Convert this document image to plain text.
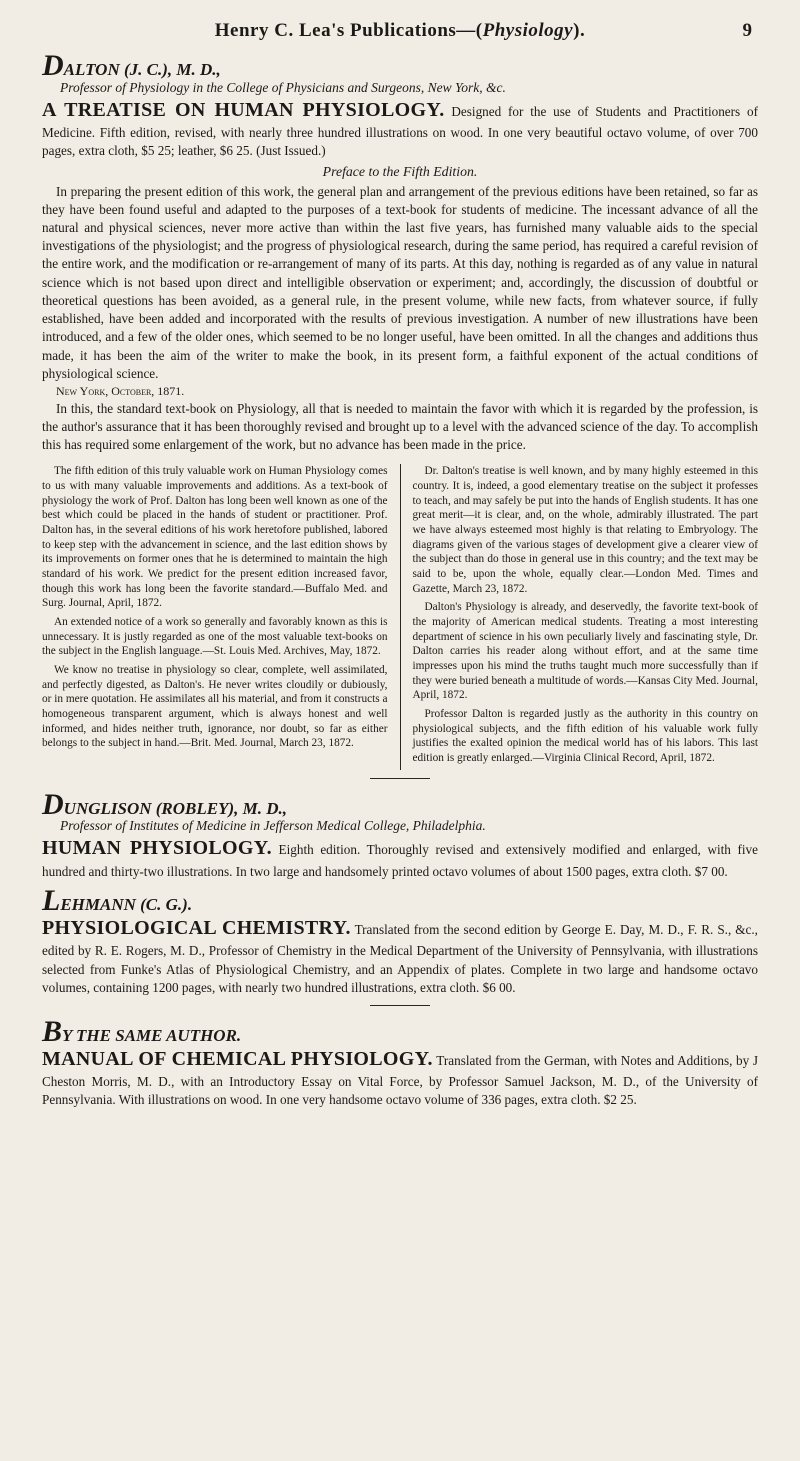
Henry C. Lea's Publications—(Physiology).	9
DALTON (J. C.), M. D.,
Professor of Physiology in the College of Physicians and Surgeons, New York, &c.
A TREATISE ON HUMAN PHYSIOLOGY. Designed for the use of Students and Practitioners of Medicine. Fifth edition, revised, with nearly three hundred illustrations on wood. In one very beautiful octavo volume, of over 700 pages, extra cloth, $5 25; leather, $6 25. (Just Issued.)
Preface to the Fifth Edition.

In preparing the present edition of this work, the general plan and arrangement of the previous editions have been retained, so far as they have been found useful and adapted to the purposes of a text-book for students of medicine. The incessant advance of all the natural and physical sciences, never more active than within the last five years, has furnished many valuable aids to the special investigations of the physiologist; and the progress of physiological research, during the same period, has required a careful revision of the entire work, and the modification or re-arrangement of many of its parts. At this day, nothing is regarded as of any value in natural science which is not based upon direct and intelligible observation or experiment; and, accordingly, the discussion of doubtful or theoretical questions has been avoided, as a general rule, in the present volume, while new facts, from whatever source, if fully established, have been added and incorporated with the results of previous investigation. A number of new illustrations have been introduced, and a few of the older ones, which seemed to be no longer useful, have been omitted. In all the changes and additions thus made, it has been the aim of the writer to make the book, in its present form, a faithful exponent of the actual conditions of physiological science.

New York, October, 1871.

In this, the standard text-book on Physiology, all that is needed to maintain the favor with which it is regarded by the profession, is the author's assurance that it has been thoroughly revised and brought up to a level with the advanced science of the day. To accomplish this has required some enlargement of the work, but no advance has been made in the price.

The fifth edition of this truly valuable work on Human Physiology comes to us with many valuable improvements and additions. As a text-book of physiology the work of Prof. Dalton has long been well known as one of the best which could be placed in the hands of student or practitioner. Prof. Dalton has, in the several editions of his work heretofore published, labored to keep step with the advancement in science, and the last edition shows by its improvements on former ones that he is determined to maintain the high standard of his work. We predict for the present edition increased favor, though this work has long been the favorite standard.—Buffalo Med. and Surg. Journal, April, 1872.

An extended notice of a work so generally and favorably known as this is unnecessary. It is justly regarded as one of the most valuable text-books on the subject in the English language.—St. Louis Med. Archives, May, 1872.

We know no treatise in physiology so clear, complete, well assimilated, and perfectly digested, as Dalton's. He never writes cloudily or dubiously, or in mere quotation. He assimilates all his material, and from it constructs a homogeneous transparent argument, which is always honest and well informed, and hides neither truth, ignorance, nor doubt, so far as either belongs to the subject in hand.—Brit. Med. Journal, March 23, 1872.

Dr. Dalton's treatise is well known, and by many highly esteemed in this country. It is, indeed, a good elementary treatise on the subject it professes to teach, and may safely be put into the hands of English students. It has one great merit—it is clear, and, on the whole, admirably illustrated. The part we have always esteemed most highly is that relating to Embryology. The diagrams given of the various stages of development give a clearer view of the subject than do those in general use in this country; and the text may be said to be, upon the whole, equally clear.—London Med. Times and Gazette, March 23, 1872.

Dalton's Physiology is already, and deservedly, the favorite text-book of the majority of American medical students. Treating a most interesting department of science in his own peculiarly lively and fascinating style, Dr. Dalton carries his reader along without effort, and at the same time impresses upon his mind the truths taught much more successfully than if they were buried beneath a multitude of words.—Kansas City Med. Journal, April, 1872.

Professor Dalton is regarded justly as the authority in this country on physiological subjects, and the fifth edition of his valuable work fully justifies the exalted opinion the medical world has of his labors. This last edition is greatly enlarged.—Virginia Clinical Record, April, 1872.

DUNGLISON (ROBLEY), M. D.,
Professor of Institutes of Medicine in Jefferson Medical College, Philadelphia.
HUMAN PHYSIOLOGY. Eighth edition. Thoroughly revised and extensively modified and enlarged, with five hundred and thirty-two illustrations. In two large and handsomely printed octavo volumes of about 1500 pages, extra cloth. $7 00.
LEHMANN (C. G.).
PHYSIOLOGICAL CHEMISTRY. Translated from the second edition by George E. Day, M. D., F. R. S., &c., edited by R. E. Rogers, M. D., Professor of Chemistry in the Medical Department of the University of Pennsylvania, with illustrations selected from Funke's Atlas of Physiological Chemistry, and an Appendix of plates. Complete in two large and handsome octavo volumes, containing 1200 pages, with nearly two hundred illustrations, extra cloth. $6 00.
BY THE SAME AUTHOR.
MANUAL OF CHEMICAL PHYSIOLOGY. Translated from the German, with Notes and Additions, by J Cheston Morris, M. D., with an Introductory Essay on Vital Force, by Professor Samuel Jackson, M. D., of the University of Pennsylvania. With illustrations on wood. In one very handsome octavo volume of 336 pages, extra cloth. $2 25.
